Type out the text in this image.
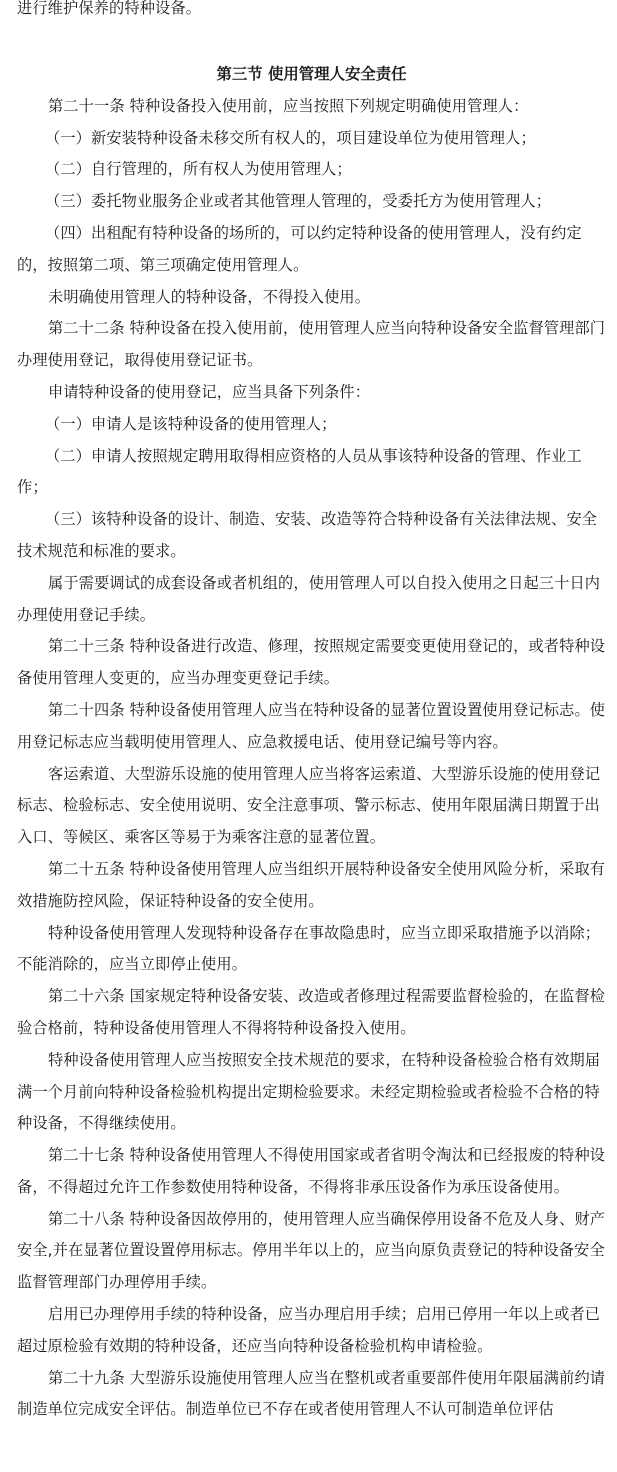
进行维护保养的特种设备。

第三节 使用管理人安全责任

第二十一条 特种设备投入使用前，应当按照下列规定明确使用管理人：

（一）新安装特种设备未移交所有权人的，项目建设单位为使用管理人；

（二）自行管理的，所有权人为使用管理人；

（三）委托物业服务企业或者其他管理人管理的，受委托方为使用管理人；

（四）出租配有特种设备的场所的，可以约定特种设备的使用管理人，没有约定的，按照第二项、第三项确定使用管理人。

未明确使用管理人的特种设备，不得投入使用。

第二十二条 特种设备在投入使用前，使用管理人应当向特种设备安全监督管理部门办理使用登记，取得使用登记证书。

申请特种设备的使用登记，应当具备下列条件：

（一）申请人是该特种设备的使用管理人；

（二）申请人按照规定聘用取得相应资格的人员从事该特种设备的管理、作业工作；

（三）该特种设备的设计、制造、安装、改造等符合特种设备有关法律法规、安全技术规范和标准的要求。

属于需要调试的成套设备或者机组的，使用管理人可以自投入使用之日起三十日内办理使用登记手续。

第二十三条 特种设备进行改造、修理，按照规定需要变更使用登记的，或者特种设备使用管理人变更的，应当办理变更登记手续。

第二十四条 特种设备使用管理人应当在特种设备的显著位置设置使用登记标志。使用登记标志应当载明使用管理人、应急救援电话、使用登记编号等内容。

客运索道、大型游乐设施的使用管理人应当将客运索道、大型游乐设施的使用登记标志、检验标志、安全使用说明、安全注意事项、警示标志、使用年限届满日期置于出入口、等候区、乘客区等易于为乘客注意的显著位置。

第二十五条 特种设备使用管理人应当组织开展特种设备安全使用风险分析，采取有效措施防控风险，保证特种设备的安全使用。

特种设备使用管理人发现特种设备存在事故隐患时，应当立即采取措施予以消除；不能消除的，应当立即停止使用。

第二十六条 国家规定特种设备安装、改造或者修理过程需要监督检验的，在监督检验合格前，特种设备使用管理人不得将特种设备投入使用。

特种设备使用管理人应当按照安全技术规范的要求，在特种设备检验合格有效期届满一个月前向特种设备检验机构提出定期检验要求。未经定期检验或者检验不合格的特种设备，不得继续使用。

第二十七条 特种设备使用管理人不得使用国家或者省明令淘汰和已经报废的特种设备，不得超过允许工作参数使用特种设备，不得将非承压设备作为承压设备使用。

第二十八条 特种设备因故停用的，使用管理人应当确保停用设备不危及人身、财产安全,并在显著位置设置停用标志。停用半年以上的，应当向原负责登记的特种设备安全监督管理部门办理停用手续。

启用已办理停用手续的特种设备，应当办理启用手续；启用已停用一年以上或者已超过原检验有效期的特种设备，还应当向特种设备检验机构申请检验。

第二十九条 大型游乐设施使用管理人应当在整机或者重要部件使用年限届满前约请制造单位完成安全评估。制造单位已不存在或者使用管理人不认可制造单位评估
